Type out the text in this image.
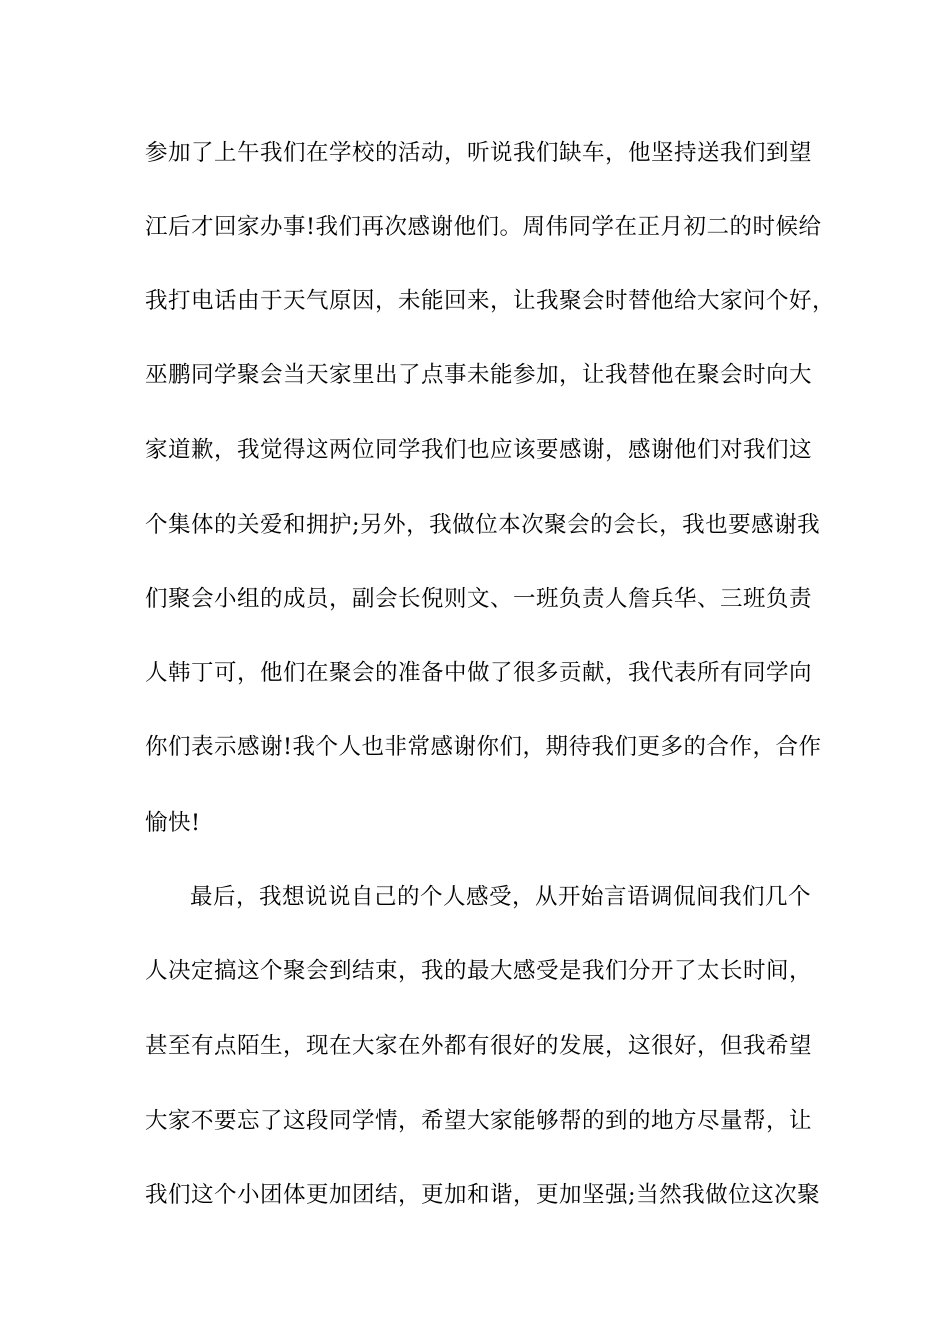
参加了上午我们在学校的活动，听说我们缺车，他坚持送我们到望
江后才回家办事!我们再次感谢他们。周伟同学在正月初二的时候给
我打电话由于天气原因，未能回来，让我聚会时替他给大家问个好，
巫鹏同学聚会当天家里出了点事未能参加，让我替他在聚会时向大
家道歉，我觉得这两位同学我们也应该要感谢，感谢他们对我们这
个集体的关爱和拥护;另外，我做位本次聚会的会长，我也要感谢我
们聚会小组的成员，副会长倪则文、一班负责人詹兵华、三班负责
人韩丁可，他们在聚会的准备中做了很多贡献，我代表所有同学向
你们表示感谢!我个人也非常感谢你们，期待我们更多的合作，合作
愉快!
最后，我想说说自己的个人感受，从开始言语调侃间我们几个
人决定搞这个聚会到结束，我的最大感受是我们分开了太长时间，
甚至有点陌生，现在大家在外都有很好的发展，这很好，但我希望
大家不要忘了这段同学情，希望大家能够帮的到的地方尽量帮，让
我们这个小团体更加团结，更加和谐，更加坚强;当然我做位这次聚
